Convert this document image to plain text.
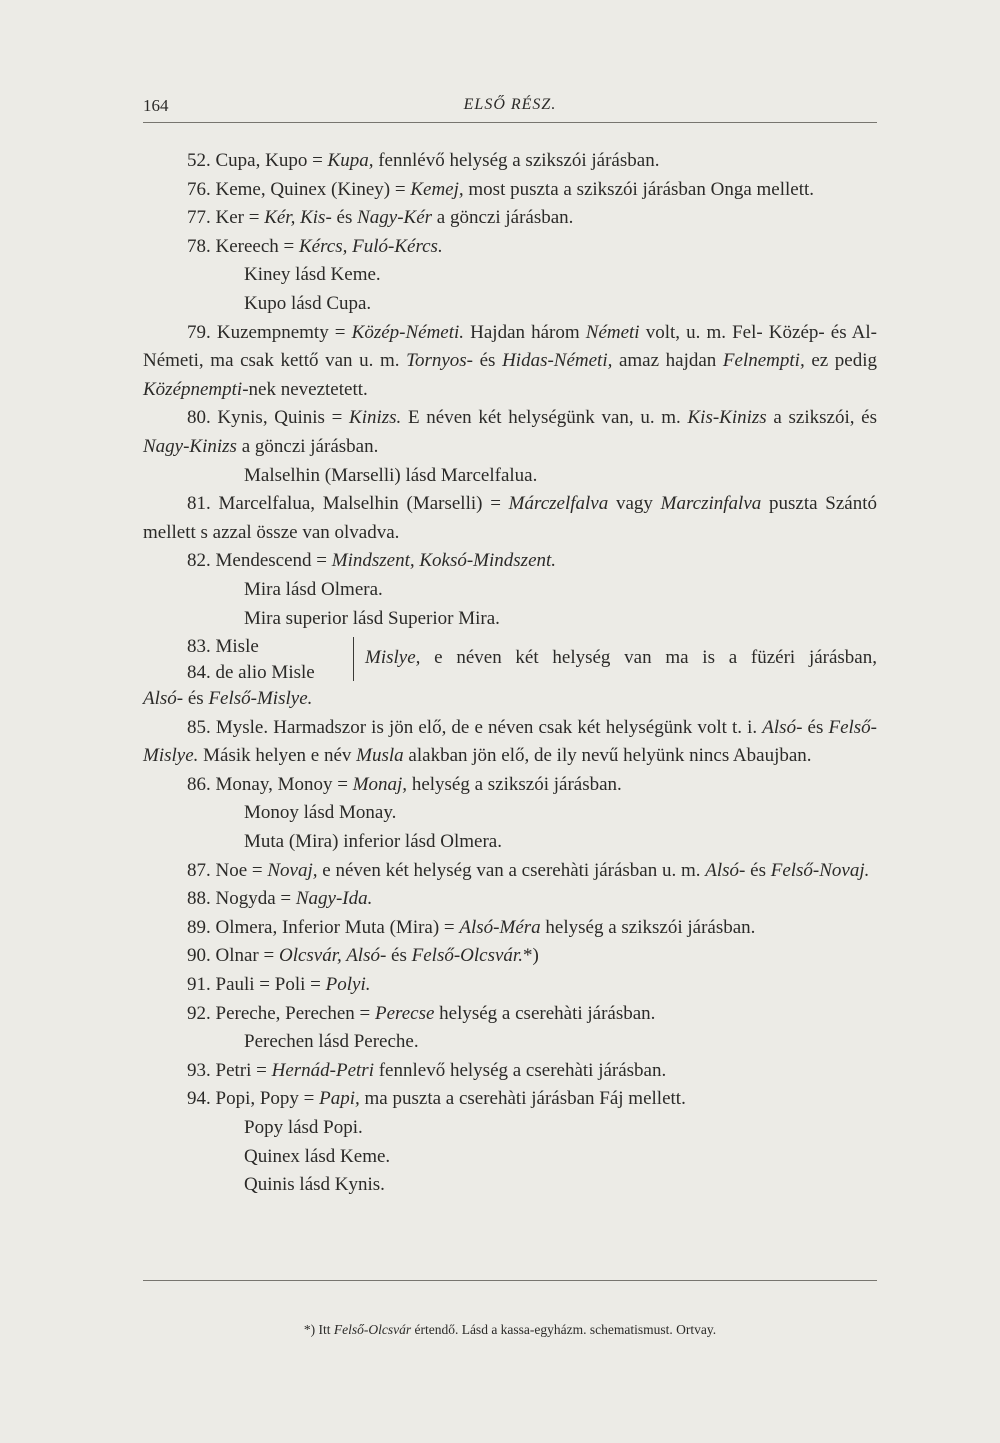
164	ELSŐ RÉSZ.

52. Cupa, Kupo = Kupa, fennlévő helység a szikszói járásban.

76. Keme, Quinex (Kiney) = Kemej, most puszta a szikszói járásban Onga mellett.

77. Ker = Kér, Kis- és Nagy-Kér a gönczi járásban.

78. Kereech = Kércs, Fuló-Kércs.

Kiney lásd Keme.

Kupo lásd Cupa.

79. Kuzempnemty = Közép-Németi. Hajdan három Németi volt, u. m. Fel- Közép- és Al-Németi, ma csak kettő van u. m. Tornyos- és Hidas-Németi, amaz hajdan Felnempti, ez pedig Középnempti-nek neveztetett.

80. Kynis, Quinis = Kinizs. E néven két helységünk van, u. m. Kis-Kinizs a szikszói, és Nagy-Kinizs a gönczi járásban.

Malselhin (Marselli) lásd Marcelfalua.

81. Marcelfalua, Malselhin (Marselli) = Márczelfalva vagy Marczinfalva puszta Szántó mellett s azzal össze van olvadva.

82. Mendescend = Mindszent, Koksó-Mindszent.

Mira lásd Olmera.

Mira superior lásd Superior Mira.

83. Misle
84. de alio Misle
Mislye, e néven két helység van ma is a füzéri járásban,

Alsó- és Felső-Mislye.

85. Mysle. Harmadszor is jön elő, de e néven csak két helységünk volt t. i. Alsó- és Felső-Mislye. Másik helyen e név Musla alakban jön elő, de ily nevű helyünk nincs Abaujban.

86. Monay, Monoy = Monaj, helység a szikszói járásban.

Monoy lásd Monay.

Muta (Mira) inferior lásd Olmera.

87. Noe = Novaj, e néven két helység van a cserehàti járásban u. m. Alsó- és Felső-Novaj.

88. Nogyda = Nagy-Ida.

89. Olmera, Inferior Muta (Mira) = Alsó-Méra helység a szikszói járásban.

90. Olnar = Olcsvár, Alsó- és Felső-Olcsvár.*)

91. Pauli = Poli = Polyi.

92. Pereche, Perechen = Perecse helység a cserehàti járásban.

Perechen lásd Pereche.

93. Petri = Hernád-Petri fennlevő helység a cserehàti járásban.

94. Popi, Popy = Papi, ma puszta a cserehàti járásban Fáj mellett.

Popy lásd Popi.

Quinex lásd Keme.

Quinis lásd Kynis.

*) Itt Felső-Olcsvár értendő. Lásd a kassa-egyházm. schematismust. Ortvay.
